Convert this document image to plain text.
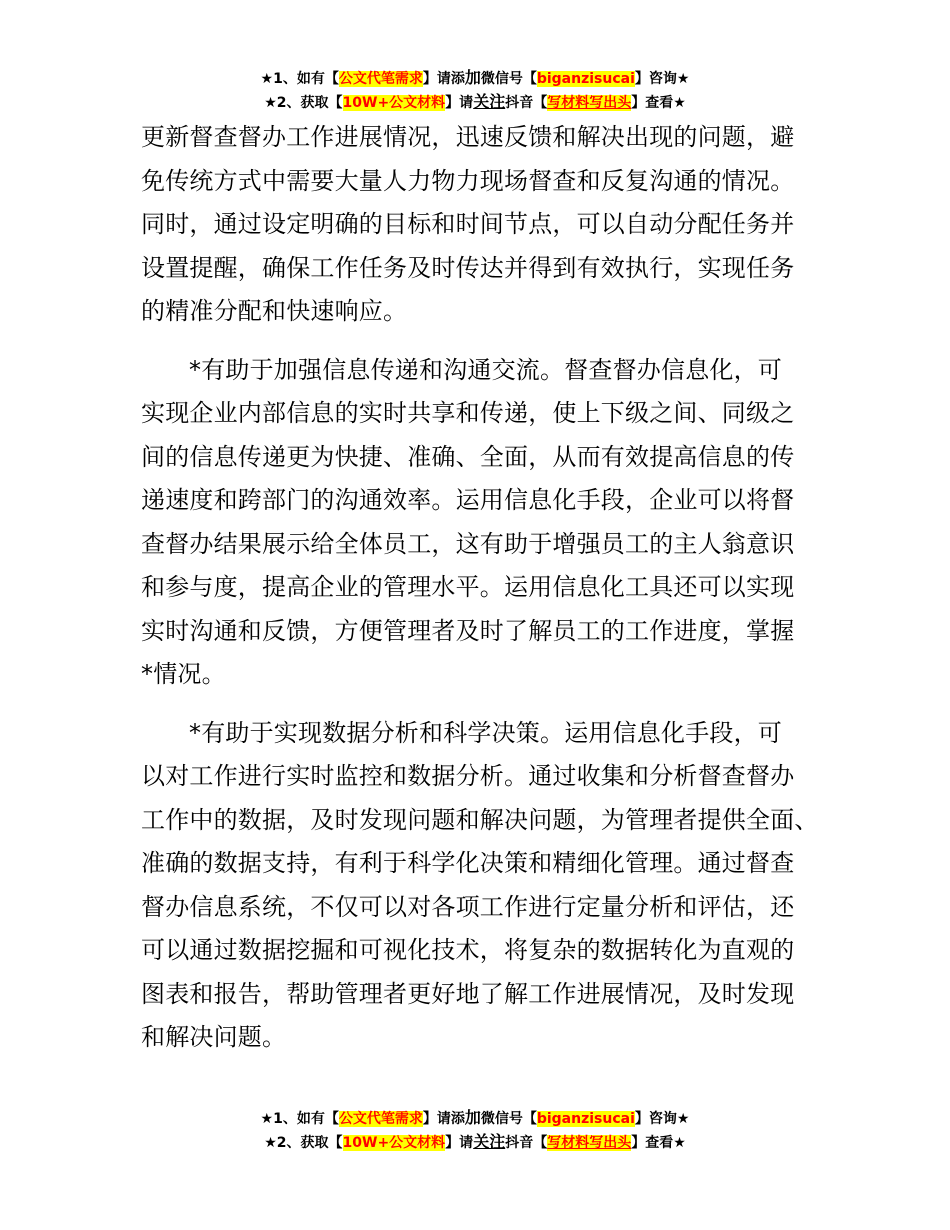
★1、如有【公文代笔需求】请添加微信号【biganzisucai】咨询★
★2、获取【10W+公文材料】请关注抖音【写材料写出头】查看★

更新督查督办工作进展情况，迅速反馈和解决出现的问题，避
免传统方式中需要大量人力物力现场督查和反复沟通的情况。
同时，通过设定明确的目标和时间节点，可以自动分配任务并
设置提醒，确保工作任务及时传达并得到有效执行，实现任务
的精准分配和快速响应。

*有助于加强信息传递和沟通交流。督查督办信息化，可
实现企业内部信息的实时共享和传递，使上下级之间、同级之
间的信息传递更为快捷、准确、全面，从而有效提高信息的传
递速度和跨部门的沟通效率。运用信息化手段，企业可以将督
查督办结果展示给全体员工，这有助于增强员工的主人翁意识
和参与度，提高企业的管理水平。运用信息化工具还可以实现
实时沟通和反馈，方便管理者及时了解员工的工作进度，掌握
*情况。

*有助于实现数据分析和科学决策。运用信息化手段，可
以对工作进行实时监控和数据分析。通过收集和分析督查督办
工作中的数据，及时发现问题和解决问题，为管理者提供全面、
准确的数据支持，有利于科学化决策和精细化管理。通过督查
督办信息系统，不仅可以对各项工作进行定量分析和评估，还
可以通过数据挖掘和可视化技术，将复杂的数据转化为直观的
图表和报告，帮助管理者更好地了解工作进展情况，及时发现
和解决问题。

★1、如有【公文代笔需求】请添加微信号【biganzisucai】咨询★
★2、获取【10W+公文材料】请关注抖音【写材料写出头】查看★
